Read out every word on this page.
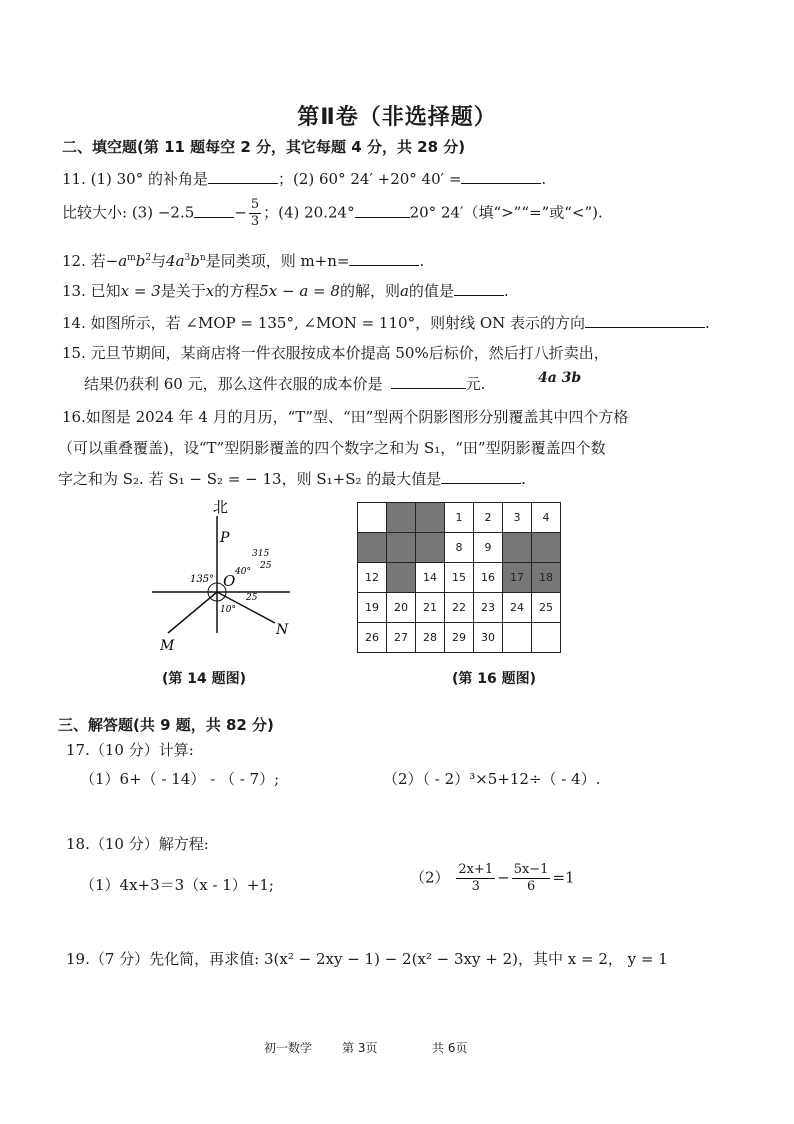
第Ⅱ卷（非选择题）
二、填空题(第 11 题每空 2 分，其它每题 4 分，共 28 分)
11. (1) 30° 的补角是	；(2) 60° 24′ +20° 40′ =	.
比较大小: (3) −2.5	− $\frac{5}{3}$ ；(4) 20.24°	20° 24′（填“>”“=”或“<”).
12. 若$-a^mb^2$与$4a^3b^n$是同类项，则 m+n=	.
13. 已知x = 3是关于x的方程5x − a = 8的解，则a的值是	.
14. 如图所示，若 ∠MOP = 135°, ∠MON = 110°，则射线 ON 表示的方向	.
15. 元旦节期间，某商店将一件衣服按成本价提高 50%后标价，然后打八折卖出，
结果仍获利 60 元，那么这件衣服的成本价是	元.	4a 3b
16.如图是 2024 年 4 月的月历，“T”型、“田”型两个阴影图形分别覆盖其中四个方格
（可以重叠覆盖)，设“T”型阴影覆盖的四个数字之和为 S₁，“田”型阴影覆盖四个数
字之和为 S₂. 若 S₁ − S₂ = − 13，则 S₁+S₂ 的最大值是	.
北
P
O
M
N
135°
40°
315
25
10°
25
(第 14 题图)
			1	2	3	4
			8	9		
12		14	15	16	17	18
19	20	21	22	23	24	25
26	27	28	29	30		
(第 16 题图)
三、解答题(共 9 题，共 82 分)
17.（10 分）计算:
（1）6+（ - 14） - （ - 7）;	（2）（ - 2）³×5+12÷（ - 4）.
18.（10 分）解方程:
（1）4x+3＝3（x - 1）+1;	$(2) \frac{2x+1}{3} - \frac{5x-1}{6} =1$
19.（7 分）先化简，再求值: 3(x² − 2xy − 1) − 2(x² − 3xy + 2)，其中 x = 2， y = 1
初一数学 第 3页	共 6页
